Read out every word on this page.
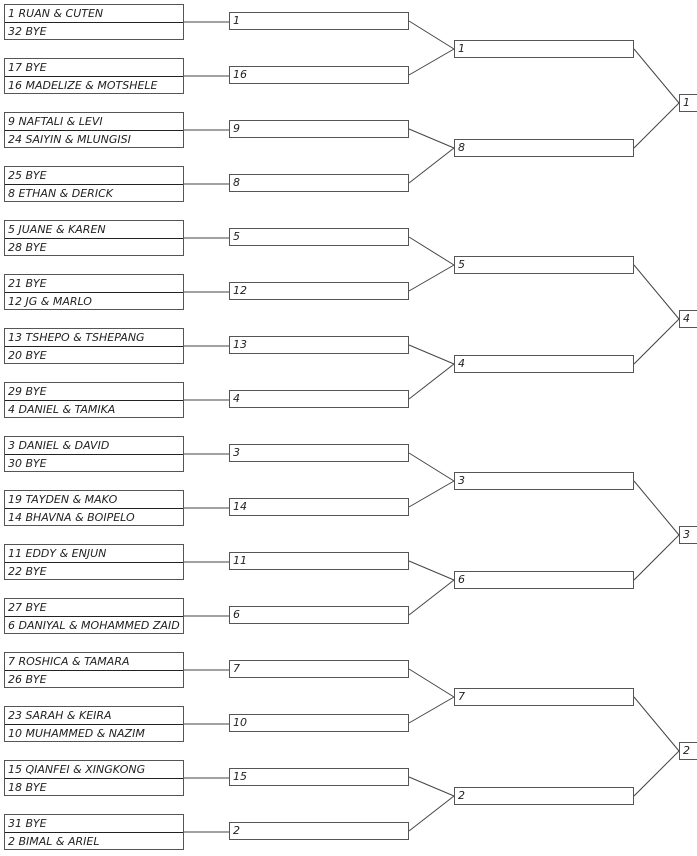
1 RUAN & CUTEN
32 BYE
1
17 BYE
16 MADELIZE & MOTSHELE
16
9 NAFTALI & LEVI
24 SAIYIN & MLUNGISI
9
25 BYE
8 ETHAN & DERICK
8
5 JUANE & KAREN
28 BYE
5
21 BYE
12 JG & MARLO
12
13 TSHEPO & TSHEPANG
20 BYE
13
29 BYE
4 DANIEL & TAMIKA
4
3 DANIEL & DAVID
30 BYE
3
19 TAYDEN & MAKO
14 BHAVNA & BOIPELO
14
11 EDDY & ENJUN
22 BYE
11
27 BYE
6 DANIYAL & MOHAMMED ZAID
6
7 ROSHICA & TAMARA
26 BYE
7
23 SARAH & KEIRA
10 MUHAMMED & NAZIM
10
15 QIANFEI & XINGKONG
18 BYE
15
31 BYE
2 BIMAL & ARIEL
2
1
8
5
4
3
6
7
2
1
4
3
2
